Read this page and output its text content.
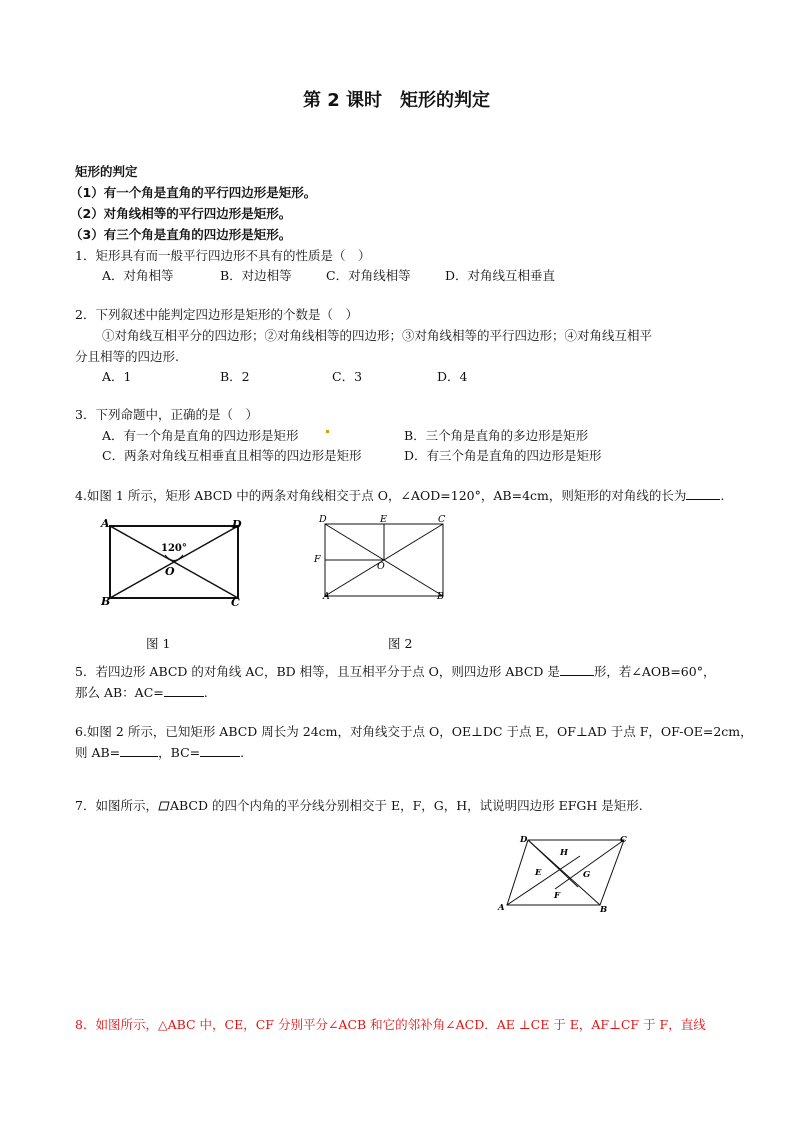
第 2 课时 矩形的判定
矩形的判定
（1）有一个角是直角的平行四边形是矩形。
（2）对角线相等的平行四边形是矩形。
（3）有三个角是直角的四边形是矩形。
1．矩形具有而一般平行四边形不具有的性质是（　）
A．对角相等	B．对边相等	C．对角线相等	D．对角线互相垂直
2．下列叙述中能判定四边形是矩形的个数是（　）
①对角线互相平分的四边形；②对角线相等的四边形；③对角线相等的平行四边形；④对角线互相平
分且相等的四边形.
A．1	B．2	C．3	D．4
3．下列命题中，正确的是（　）
A．有一个角是直角的四边形是矩形	B．三个角是直角的多边形是矩形
C．两条对角线互相垂直且相等的四边形是矩形	D．有三个角是直角的四边形是矩形
4.如图 1 所示，矩形 ABCD 中的两条对角线相交于点 O，∠AOD=120°，AB=4cm，则矩形的对角线的长为	.
A	D
B	C
O
120°
图 1
D	E	C
F
O
A	B
图 2
5．若四边形 ABCD 的对角线 AC，BD 相等，且互相平分于点 O，则四边形 ABCD 是	形，若∠AOB=60°，
那么 AB：AC=	.
6.如图 2 所示，已知矩形 ABCD 周长为 24cm，对角线交于点 O，OE⊥DC 于点 E，OF⊥AD 于点 F，OF-OE=2cm，
则 AB=	，BC=	.
7．如图所示， ABCD 的四个内角的平分线分别相交于 E，F，G，H，试说明四边形 EFGH 是矩形.
D	C
H
E	G
F
A	B
8．如图所示，△ABC 中，CE，CF 分别平分∠ACB 和它的邻补角∠ACD．AE ⊥CE 于 E，AF⊥CF 于 F，直线
